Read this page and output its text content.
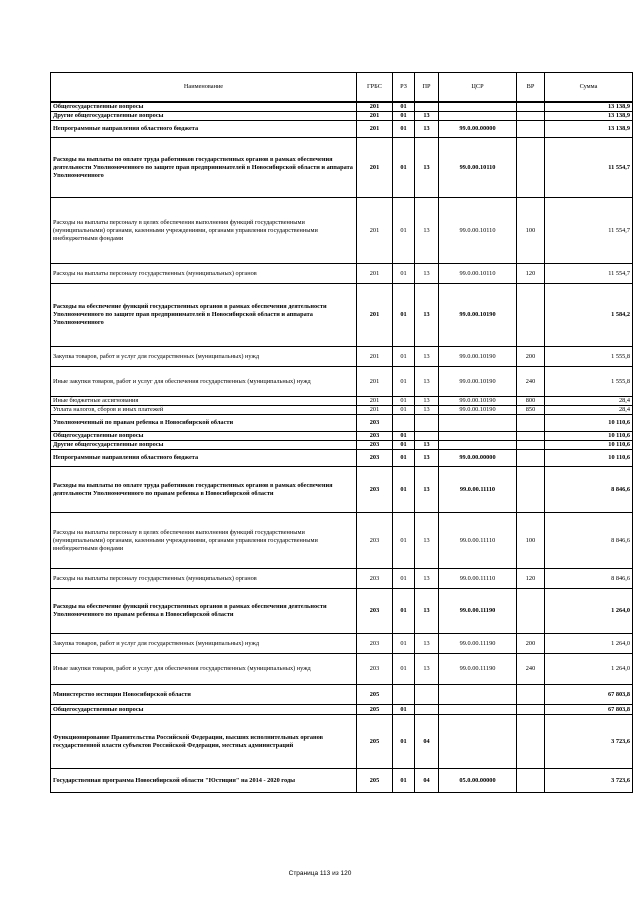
Наименование	ГРБС	РЗ	ПР	ЦСР	ВР	Сумма
Общегосударственные вопросы	201	01				13 138,9
Другие общегосударственные вопросы	201	01	13			13 138,9
Непрограммные направления областного бюджета	201	01	13	99.0.00.00000		13 138,9
Расходы на выплаты по оплате труда работников государственных органов в рамках обеспечения деятельности Уполномоченного по защите прав предпринимателей в Новосибирской области и аппарата Уполномоченного	201	01	13	99.0.00.10110		11 554,7
Расходы на выплаты персоналу в целях обеспечения выполнения функций государственными (муниципальными) органами, казенными учреждениями, органами управления государственными внебюджетными фондами	201	01	13	99.0.00.10110	100	11 554,7
Расходы на выплаты персоналу государственных (муниципальных) органов	201	01	13	99.0.00.10110	120	11 554,7
Расходы на обеспечение функций государственных органов в рамках обеспечения деятельности Уполномоченного по защите прав предпринимателей в Новосибирской области и аппарата Уполномоченного	201	01	13	99.0.00.10190		1 584,2
Закупка товаров, работ и услуг для государственных (муниципальных) нужд	201	01	13	99.0.00.10190	200	1 555,8
Иные закупки товаров, работ и услуг для обеспечения государственных (муниципальных) нужд	201	01	13	99.0.00.10190	240	1 555,8
Иные бюджетные ассигнования	201	01	13	99.0.00.10190	800	28,4
Уплата налогов, сборов и иных платежей	201	01	13	99.0.00.10190	850	28,4
Уполномоченный по правам ребенка в Новосибирской области	203					10 110,6
Общегосударственные вопросы	203	01				10 110,6
Другие общегосударственные вопросы	203	01	13			10 110,6
Непрограммные направления областного бюджета	203	01	13	99.0.00.00000		10 110,6
Расходы на выплаты по оплате труда работников государственных органов в рамках обеспечения деятельности Уполномоченного по правам ребенка в Новосибирской области	203	01	13	99.0.00.11110		8 846,6
Расходы на выплаты персоналу в целях обеспечения выполнения функций государственными (муниципальными) органами, казенными учреждениями, органами управления государственными внебюджетными фондами	203	01	13	99.0.00.11110	100	8 846,6
Расходы на выплаты персоналу государственных (муниципальных) органов	203	01	13	99.0.00.11110	120	8 846,6
Расходы на обеспечение функций государственных органов в рамках обеспечения деятельности Уполномоченного по правам ребенка в Новосибирской области	203	01	13	99.0.00.11190		1 264,0
Закупка товаров, работ и услуг для государственных (муниципальных) нужд	203	01	13	99.0.00.11190	200	1 264,0
Иные закупки товаров, работ и услуг для обеспечения государственных (муниципальных) нужд	203	01	13	99.0.00.11190	240	1 264,0
Министерство юстиции Новосибирской области	205					67 803,8
Общегосударственные вопросы	205	01				67 803,8
Функционирование Правительства Российской Федерации, высших исполнительных органов государственной власти субъектов Российской Федерации, местных администраций	205	01	04			3 723,6
Государственная программа Новосибирской области "Юстиция" на 2014 - 2020 годы	205	01	04	05.0.00.00000		3 723,6
Страница 113 из 120
